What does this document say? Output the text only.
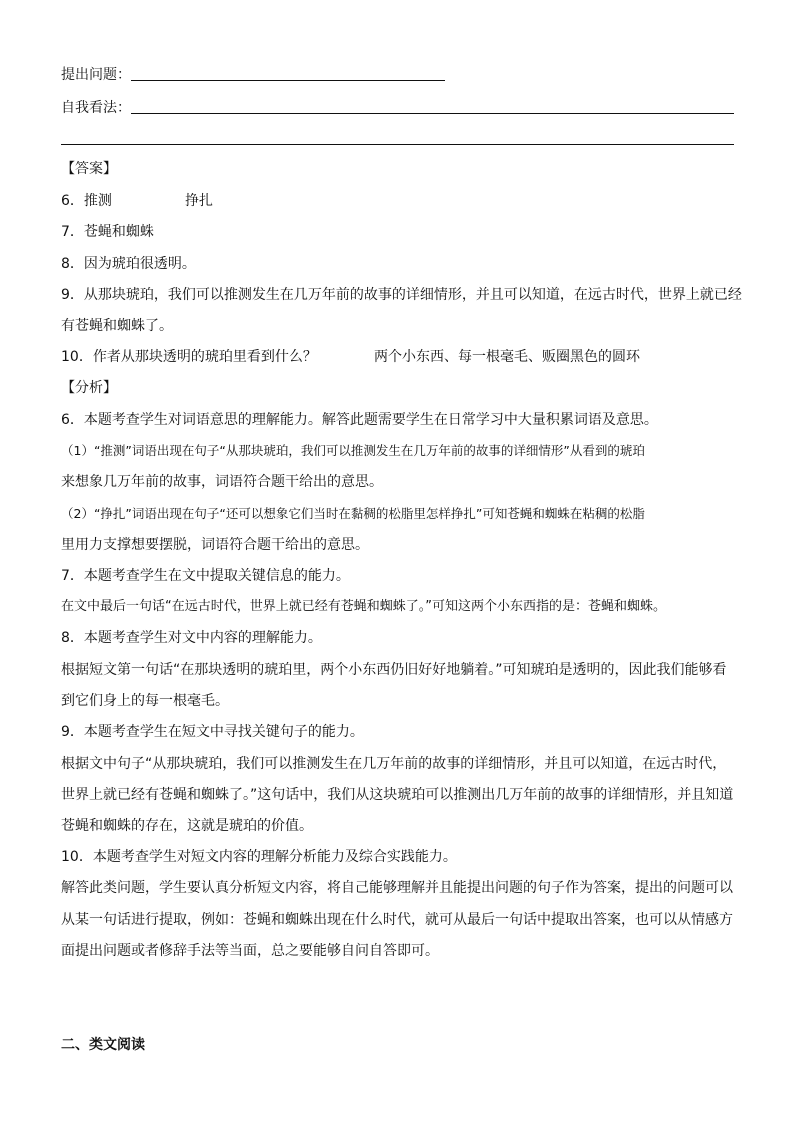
提出问题：
自我看法：
【答案】
6．推测	挣扎
7．苍蝇和蜘蛛
8．因为琥珀很透明。
9．从那块琥珀，我们可以推测发生在几万年前的故事的详细情形，并且可以知道，在远古时代，世界上就已经
有苍蝇和蜘蛛了。
10．作者从那块透明的琥珀里看到什么？	两个小东西、每一根毫毛、贩圈黑色的圆环
【分析】
6．本题考查学生对词语意思的理解能力。解答此题需要学生在日常学习中大量积累词语及意思。
（1）“推测”词语出现在句子“从那块琥珀，我们可以推测发生在几万年前的故事的详细情形”从看到的琥珀
来想象几万年前的故事，词语符合题干给出的意思。
（2）“挣扎”词语出现在句子“还可以想象它们当时在黏稠的松脂里怎样挣扎”可知苍蝇和蜘蛛在粘稠的松脂
里用力支撑想要摆脱，词语符合题干给出的意思。
7．本题考查学生在文中提取关键信息的能力。
在文中最后一句话“在远古时代，世界上就已经有苍蝇和蜘蛛了。”可知这两个小东西指的是：苍蝇和蜘蛛。
8．本题考查学生对文中内容的理解能力。
根据短文第一句话“在那块透明的琥珀里，两个小东西仍旧好好地躺着。”可知琥珀是透明的，因此我们能够看
到它们身上的每一根毫毛。
9．本题考查学生在短文中寻找关键句子的能力。
根据文中句子“从那块琥珀，我们可以推测发生在几万年前的故事的详细情形，并且可以知道，在远古时代，
世界上就已经有苍蝇和蜘蛛了。”这句话中，我们从这块琥珀可以推测出几万年前的故事的详细情形，并且知道
苍蝇和蜘蛛的存在，这就是琥珀的价值。
10．本题考查学生对短文内容的理解分析能力及综合实践能力。
解答此类问题，学生要认真分析短文内容，将自己能够理解并且能提出问题的句子作为答案，提出的问题可以
从某一句话进行提取，例如：苍蝇和蜘蛛出现在什么时代，就可从最后一句话中提取出答案，也可以从情感方
面提出问题或者修辞手法等当面，总之要能够自问自答即可。
二、类文阅读
